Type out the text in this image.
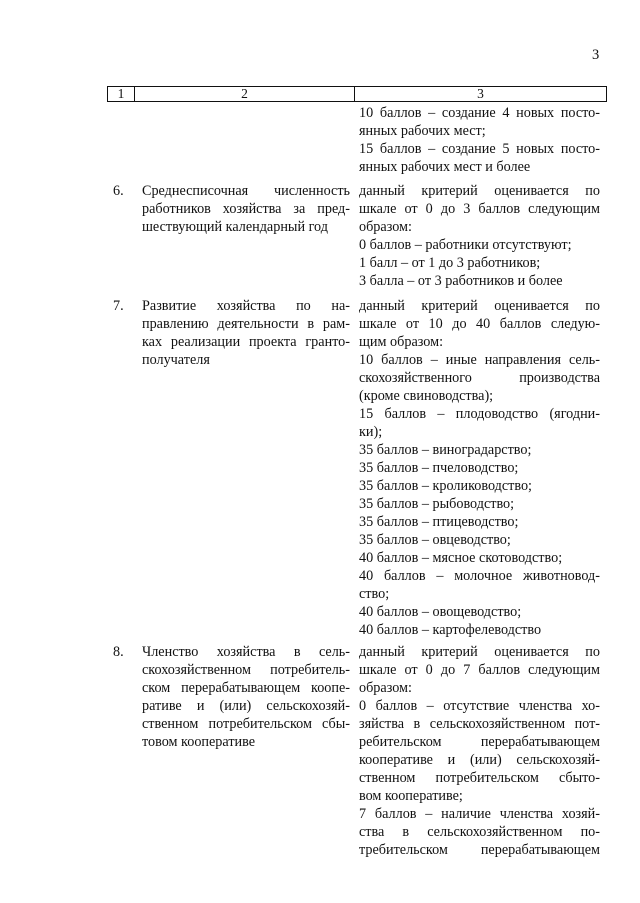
3
1	2	3
10 баллов – создание 4 новых посто-
янных рабочих мест;
15 баллов – создание 5 новых посто-
янных рабочих мест и более
6. Среднесписочная численность
работников хозяйства за пред-
шествующий календарный год
данный критерий оценивается по
шкале от 0 до 3 баллов следующим
образом:
0 баллов – работники отсутствуют;
1 балл – от 1 до 3 работников;
3 балла – от 3 работников и более
7. Развитие хозяйства по на-
правлению деятельности в рам-
ках реализации проекта гранто-
получателя
данный критерий оценивается по
шкале от 10 до 40 баллов следую-
щим образом:
10 баллов – иные направления сель-
скохозяйственного производства
(кроме свиноводства);
15 баллов – плодоводство (ягодни-
ки);
35 баллов – виноградарство;
35 баллов – пчеловодство;
35 баллов – кролиководство;
35 баллов – рыбоводство;
35 баллов – птицеводство;
35 баллов – овцеводство;
40 баллов – мясное скотоводство;
40 баллов – молочное животновод-
ство;
40 баллов – овощеводство;
40 баллов – картофелеводство
8. Членство хозяйства в сель-
скохозяйственном потребитель-
ском перерабатывающем коопе-
ративе и (или) сельскохозяй-
ственном потребительском сбы-
товом кооперативе
данный критерий оценивается по
шкале от 0 до 7 баллов следующим
образом:
0 баллов – отсутствие членства хо-
зяйства в сельскохозяйственном пот-
ребительском перерабатывающем
кооперативе и (или) сельскохозяй-
ственном потребительском сбыто-
вом кооперативе;
7 баллов – наличие членства хозяй-
ства в сельскохозяйственном по-
требительском перерабатывающем
